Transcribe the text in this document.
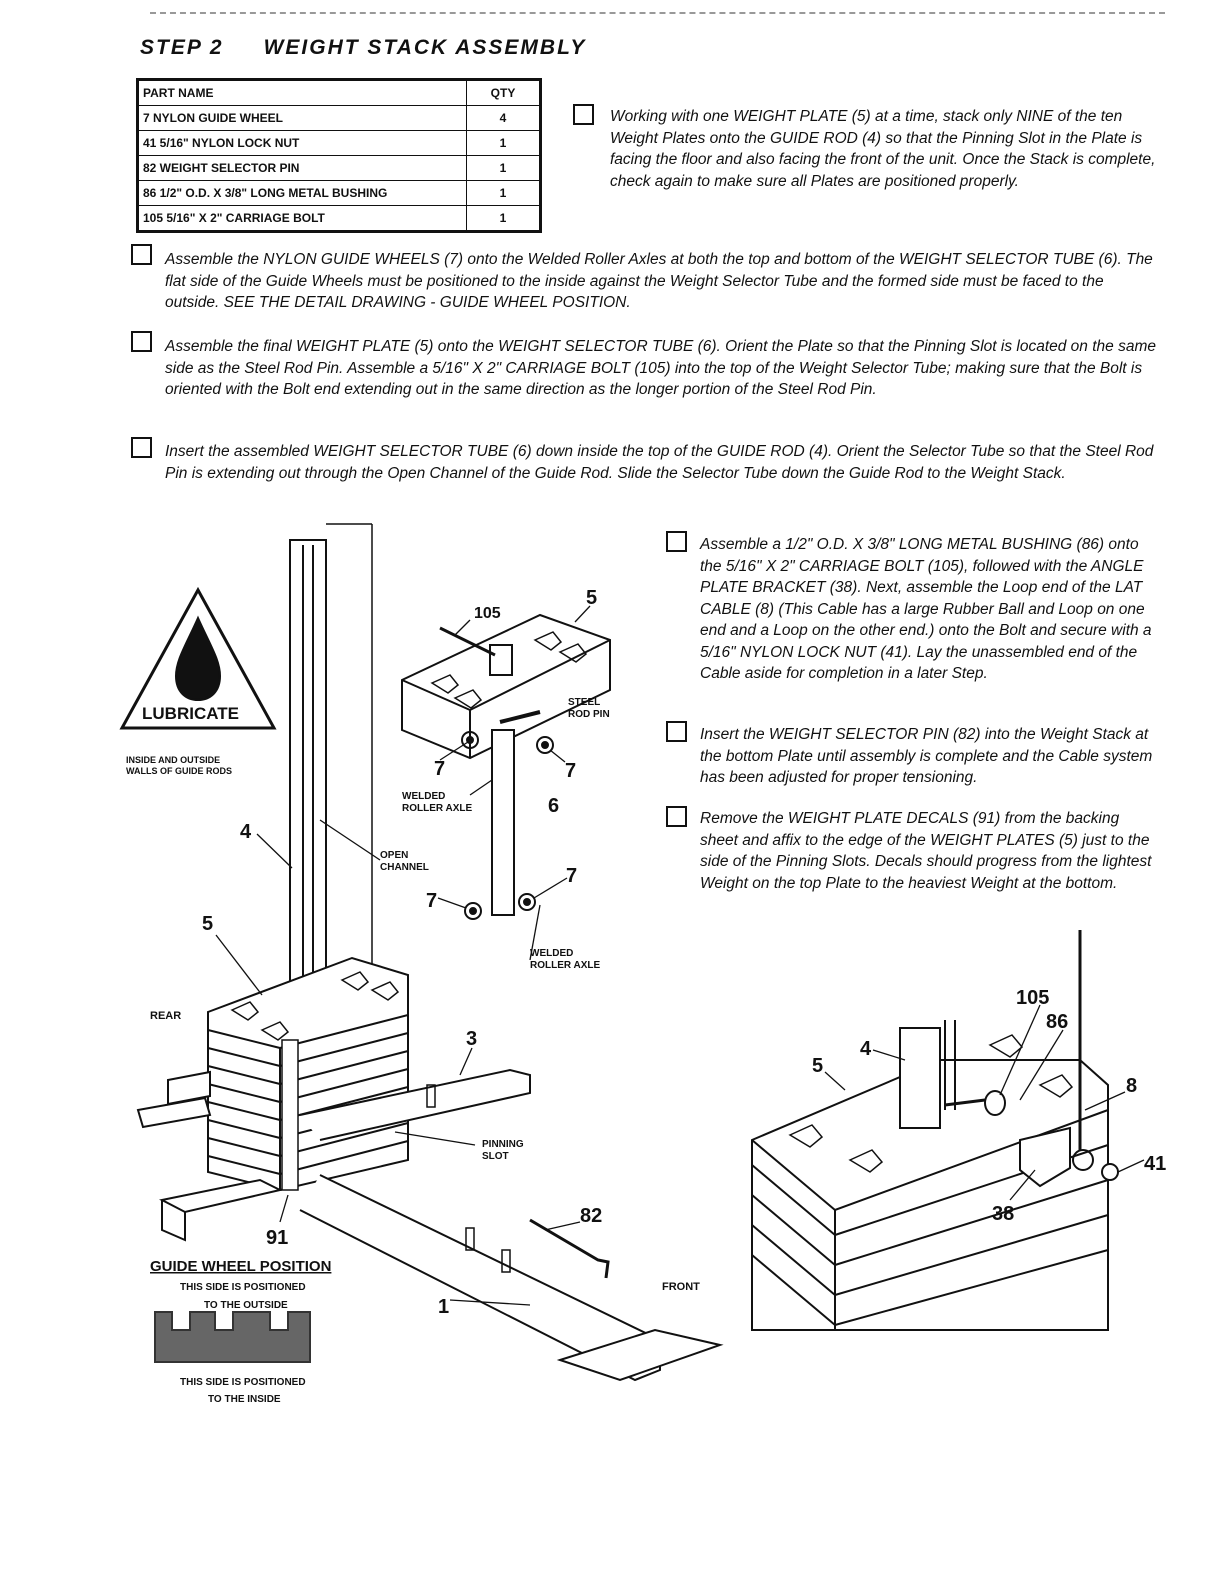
STEP 2 WEIGHT STACK ASSEMBLY
PART NAME	QTY
7 NYLON GUIDE WHEEL	4
41 5/16" NYLON LOCK NUT	1
82 WEIGHT SELECTOR PIN	1
86 1/2" O.D. X 3/8" LONG METAL BUSHING	1
105 5/16" X 2" CARRIAGE BOLT	1
Working with one WEIGHT PLATE (5) at a time, stack only NINE of the ten Weight Plates onto the GUIDE ROD (4) so that the Pinning Slot in the Plate is facing the floor and also facing the front of the unit. Once the Stack is complete, check again to make sure all Plates are positioned properly.
Assemble the NYLON GUIDE WHEELS (7) onto the Welded Roller Axles at both the top and bottom of the WEIGHT SELECTOR TUBE (6). The flat side of the Guide Wheels must be positioned to the inside against the Weight Selector Tube and the formed side must be faced to the outside. SEE THE DETAIL DRAWING - GUIDE WHEEL POSITION.
Assemble the final WEIGHT PLATE (5) onto the WEIGHT SELECTOR TUBE (6). Orient the Plate so that the Pinning Slot is located on the same side as the Steel Rod Pin. Assemble a 5/16" X 2" CARRIAGE BOLT (105) into the top of the Weight Selector Tube; making sure that the Bolt is oriented with the Bolt end extending out in the same direction as the longer portion of the Steel Rod Pin.
Insert the assembled WEIGHT SELECTOR TUBE (6) down inside the top of the GUIDE ROD (4). Orient the Selector Tube so that the Steel Rod Pin is extending out through the Open Channel of the Guide Rod. Slide the Selector Tube down the Guide Rod to the Weight Stack.
Assemble a 1/2" O.D. X 3/8" LONG METAL BUSHING (86) onto the 5/16" X 2" CARRIAGE BOLT (105), followed with the ANGLE PLATE BRACKET (38). Next, assemble the Loop end of the LAT CABLE (8) (This Cable has a large Rubber Ball and Loop on one end and a Loop on the other end.) onto the Bolt and secure with a 5/16" NYLON LOCK NUT (41). Lay the unassembled end of the Cable aside for completion in a later Step.
Insert the WEIGHT SELECTOR PIN (82) into the Weight Stack at the bottom Plate until assembly is complete and the Cable system has been adjusted for proper tensioning.
Remove the WEIGHT PLATE DECALS (91) from the backing sheet and affix to the edge of the WEIGHT PLATES (5) just to the side of the Pinning Slots. Decals should progress from the lightest Weight on the top Plate to the heaviest Weight at the bottom.
LUBRICATE
INSIDE AND OUTSIDE
WALLS OF GUIDE RODS
OPEN
CHANNEL
STEEL
ROD PIN
WELDED
ROLLER AXLE
WELDED
ROLLER AXLE
PINNING
SLOT
REAR
FRONT
GUIDE WHEEL POSITION
THIS SIDE IS POSITIONED
TO THE OUTSIDE
THIS SIDE IS POSITIONED
TO THE INSIDE
105
5
7	7
6
7
7
4
5
3
91
82
1
105
86
4
5
8
41
38
